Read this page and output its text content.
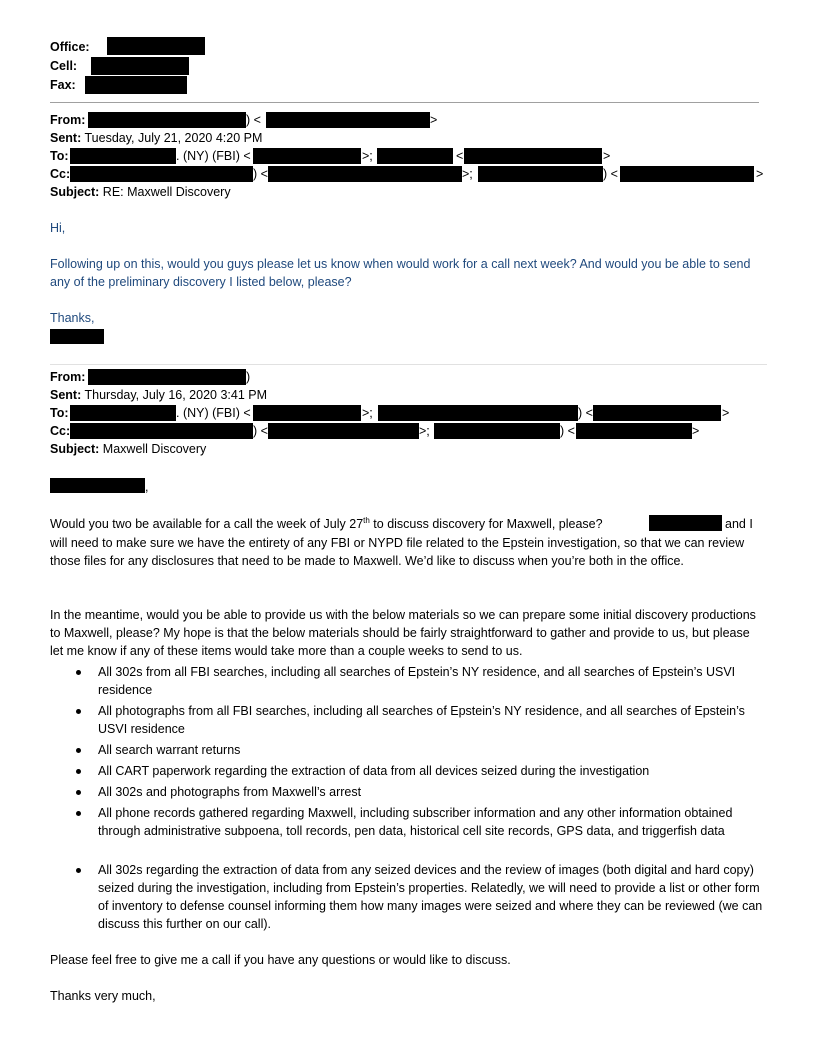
Office:
Cell:
Fax:
From:	) <	>
Sent: Tuesday, July 21, 2020 4:20 PM
To:	. (NY) (FBI) <	>;	<	>
Cc:	) <	>;	) <	>
Subject: RE: Maxwell Discovery
Hi,
Following up on this, would you guys please let us know when would work for a call next week? And would you be able to send any of the preliminary discovery I listed below, please?
Thanks,
From:	)
Sent: Thursday, July 16, 2020 3:41 PM
To:	. (NY) (FBI) <	>;	) <	>
Cc:	) <	>;	) <	>
Subject: Maxwell Discovery
,
Would you two be available for a call the week of July 27th to discuss discovery for Maxwell, please?	and I
will need to make sure we have the entirety of any FBI or NYPD file related to the Epstein investigation, so that we can review those files for any disclosures that need to be made to Maxwell. We’d like to discuss when you’re both in the office.
In the meantime, would you be able to provide us with the below materials so we can prepare some initial discovery productions to Maxwell, please? My hope is that the below materials should be fairly straightforward to gather and provide to us, but please let me know if any of these items would take more than a couple weeks to send to us.
All 302s from all FBI searches, including all searches of Epstein’s NY residence, and all searches of Epstein’s USVI residence
All photographs from all FBI searches, including all searches of Epstein’s NY residence, and all searches of Epstein’s USVI residence
All search warrant returns
All CART paperwork regarding the extraction of data from all devices seized during the investigation
All 302s and photographs from Maxwell’s arrest
All phone records gathered regarding Maxwell, including subscriber information and any other information obtained through administrative subpoena, toll records, pen data, historical cell site records, GPS data, and triggerfish data
All 302s regarding the extraction of data from any seized devices and the review of images (both digital and hard copy) seized during the investigation, including from Epstein’s properties. Relatedly, we will need to provide a list or other form of inventory to defense counsel informing them how many images were seized and where they can be reviewed (we can discuss this further on our call).
Please feel free to give me a call if you have any questions or would like to discuss.
Thanks very much,
